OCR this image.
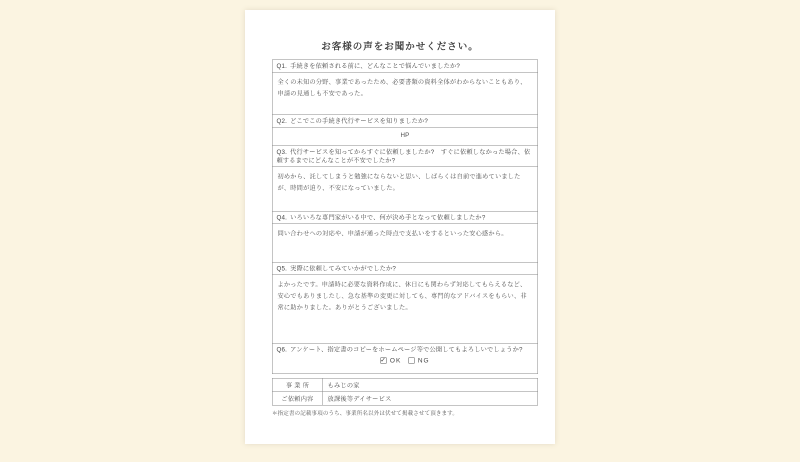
お客様の声をお聞かせください。
Q1. 手続きを依頼される前に、どんなことで悩んでいましたか?
全くの未知の分野、事業であったため、必要書類の資料全体がわからないこともあり、申請の見通しも不安であった。
Q2. どこでこの手続き代行サービスを知りましたか?
HP
Q3. 代行サービスを知ってからすぐに依頼しましたか?　すぐに依頼しなかった場合、依頼するまでにどんなことが不安でしたか?
初めから、託してしまうと勉強にならないと思い、しばらくは自前で進めていましたが、時間が迫り、不安になっていました。
Q4. いろいろな専門家がいる中で、何が決め手となって依頼しましたか?
問い合わせへの対応や、申請が通った時点で支払いをするといった安心感から。
Q5. 実際に依頼してみていかがでしたか?
よかったです。申請時に必要な資料作成に、休日にも関わらず対応してもらえるなど、安心でもありましたし、急な基準の変更に対しても、専門的なアドバイスをもらい、非常に助かりました。ありがとうございました。
Q6. アンケート、指定書のコピーをホームページ等で公開してもよろしいでしょうか?
✓
OK NG
事 業 所	もみじの家
ご依頼内容	放課後等デイサービス
＊指定書の記載事項のうち、事業所名以外は伏せて掲載させて頂きます。
